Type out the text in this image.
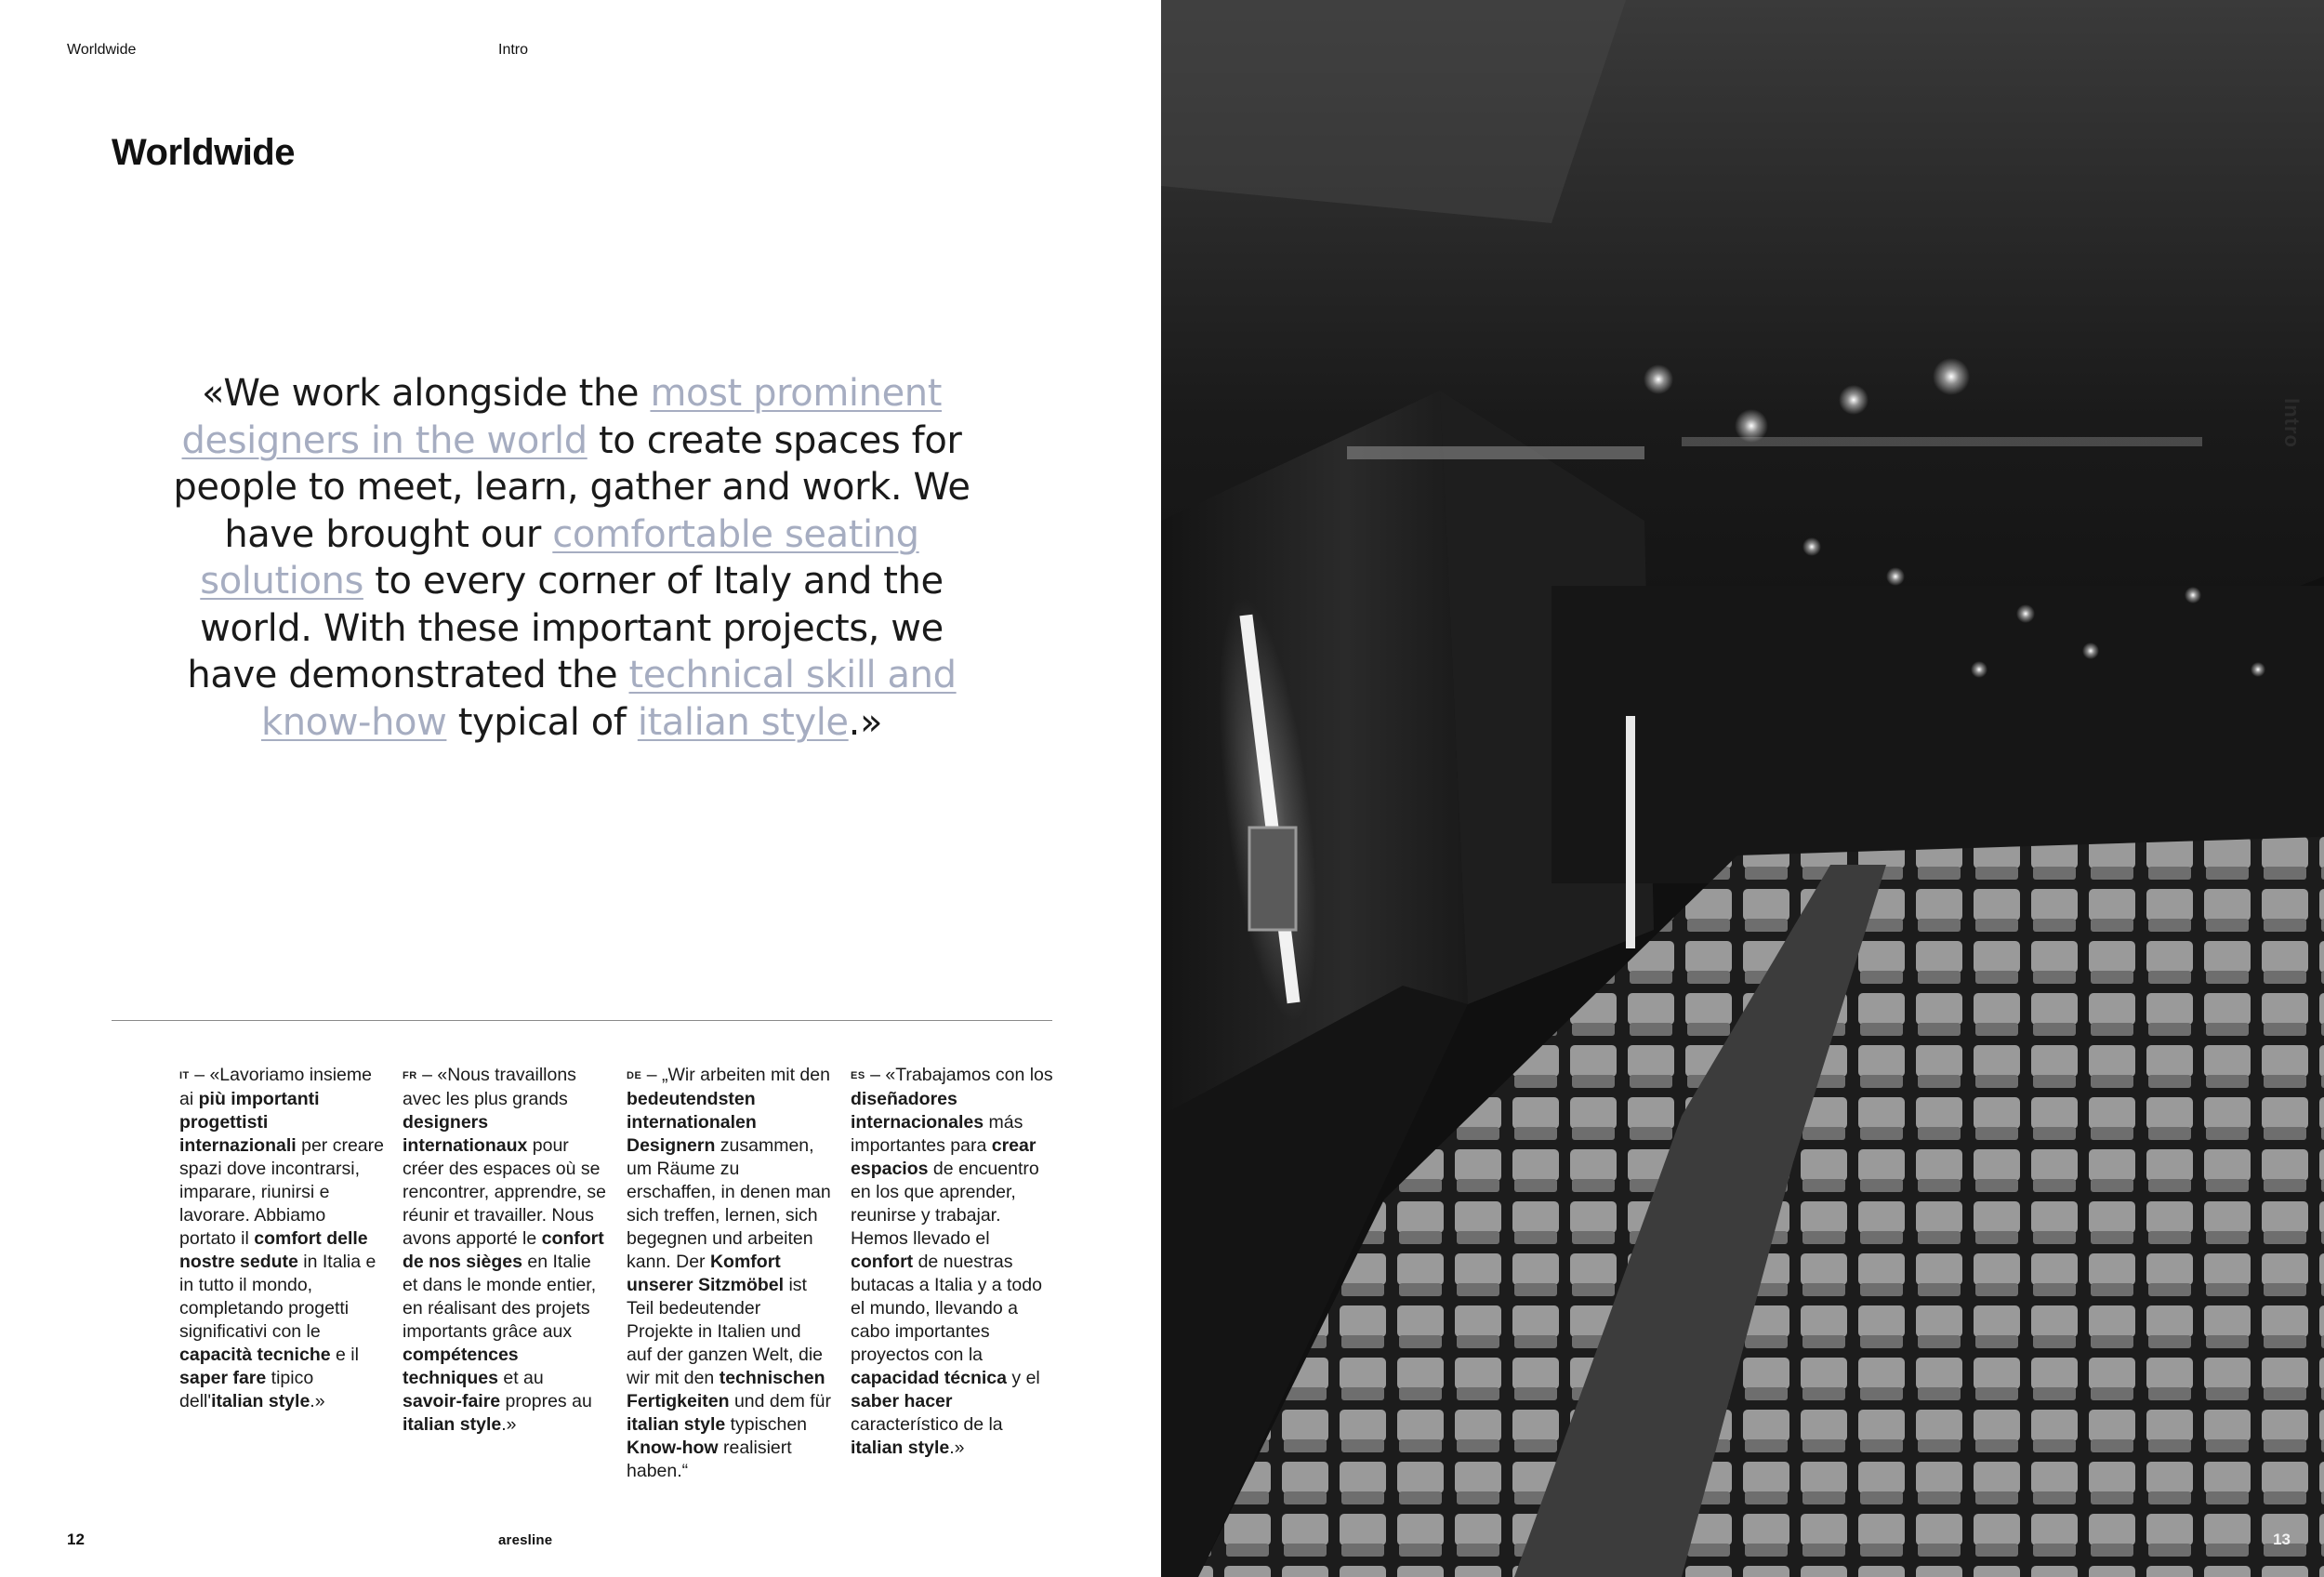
Worldwide	Intro
Worldwide

«We work alongside the most prominent designers in the world to create spaces for people to meet, learn, gather and work. We have brought our comfortable seating solutions to every corner of Italy and the world. With these important projects, we have demonstrated the technical skill and know-how typical of italian style.»

IT – «Lavoriamo insieme ai più importanti progettisti internazionali per creare spazi dove incontrarsi, imparare, riunirsi e lavorare. Abbiamo portato il comfort delle nostre sedute in Italia e in tutto il mondo, completando progetti significativi con le capacità tecniche e il saper fare tipico dell'italian style.»
FR – «Nous travaillons avec les plus grands designers internationaux pour créer des espaces où se rencontrer, apprendre, se réunir et travailler. Nous avons apporté le confort de nos sièges en Italie et dans le monde entier, en réalisant des projets importants grâce aux compétences techniques et au savoir-faire propres au italian style.»
DE – „Wir arbeiten mit den bedeutendsten internationalen Designern zusammen, um Räume zu erschaffen, in denen man sich treffen, lernen, sich begegnen und arbeiten kann. Der Komfort unserer Sitzmöbel ist Teil bedeutender Projekte in Italien und auf der ganzen Welt, die wir mit den technischen Fertigkeiten und dem für italian style typischen Know-how realisiert haben.“
ES – «Trabajamos con los diseñadores internacionales más importantes para crear espacios de encuentro en los que aprender, reunirse y trabajar. Hemos llevado el confort de nuestras butacas a Italia y a todo el mundo, llevando a cabo importantes proyectos con la capacidad técnica y el saber hacer característico de la italian style.»
12	aresline
Intro
13
